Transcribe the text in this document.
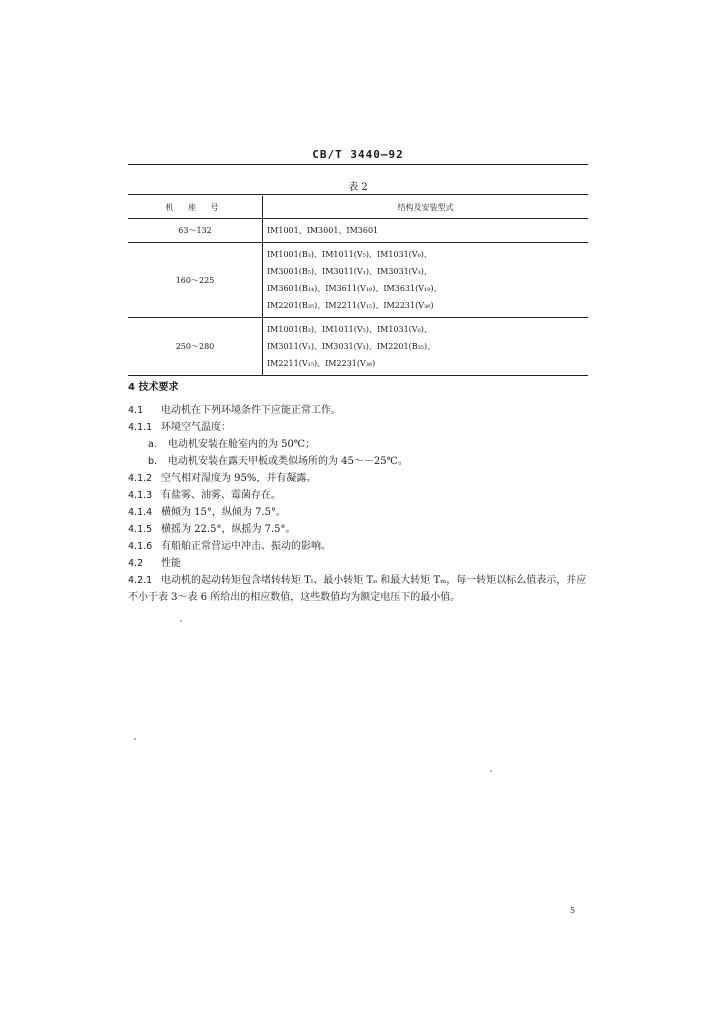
CB/T 3440—92
表 2
机 座 号	结构及安装型式
63～132	IM1001、IM3001、IM3601

160～225	IM1001(B₃)、IM1011(V₅)、IM1031(V₆)、
IM3001(B₅)、IM3011(V₁)、IM3031(V₃)、
IM3601(B₁₄)、IM3611(V₁₈)、IM3631(V₁₉)、
IM2201(B₃₅)、IM2211(V₁₅)、IM2231(V₃₆)

250～280	IM1001(B₃)、IM1011(V₅)、IM1031(V₆)、
IM3011(V₁)、IM3031(V₃)、IM2201(B₃₅)、
IM2211(V₁₅)、IM2231(V₃₆)
4 技术要求
4.1 电动机在下列环境条件下应能正常工作。
4.1.1 环境空气温度：
a. 电动机安装在舱室内的为 50℃；
b. 电动机安装在露天甲板或类似场所的为 45～－25℃。
4.1.2 空气相对湿度为 95%，并有凝露。
4.1.3 有盐雾、油雾、霉菌存在。
4.1.4 横倾为 15°，纵倾为 7.5°。
4.1.5 横摇为 22.5°，纵摇为 7.5°。
4.1.6 有船舶正常营运中冲击、振动的影响。
4.2 性能
4.2.1 电动机的起动转矩包含堵转转矩 Tₗ、最小转矩 Tᵤ 和最大转矩 Tₘ，每一转矩以标么值表示，并应不小于表 3～表 6 所给出的相应数值，这些数值均为额定电压下的最小值。
5
